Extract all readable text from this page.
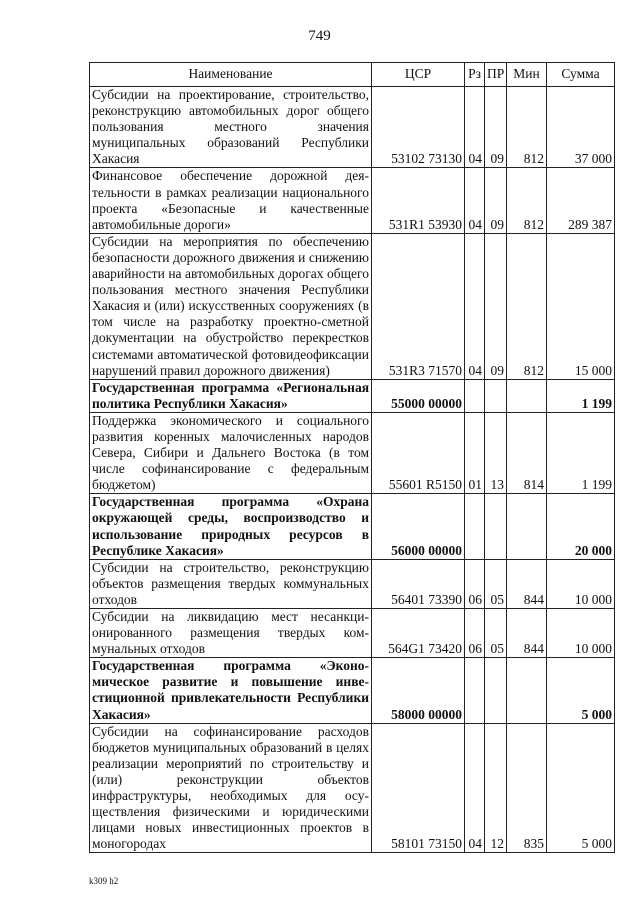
749
Наименование	ЦСР	Рз	ПР	Мин	Сумма
Субсидии на проектирование, строительство, реконструкцию автомобильных дорог общего пользования местного значения муниципальных образований Республики Хакасия	53102 73130	04	09	812	37 000
Финансовое обеспечение дорожной деятельности в рамках реализации национального проекта «Безопасные и качественные автомобильные дороги»	531R1 53930	04	09	812	289 387
Субсидии на мероприятия по обеспечению безопасности дорожного движения и снижению аварийности на автомобильных дорогах общего пользования местного значения Республики Хакасия и (или) искусственных сооружениях (в том числе на разработку проектно-сметной документации на обустройство перекрестков системами автоматической фотовидеофиксации нарушений правил дорожного движения)	531R3 71570	04	09	812	15 000
Государственная программа «Региональная политика Республики Хакасия»	55000 00000				1 199
Поддержка экономического и социального развития коренных малочисленных народов Севера, Сибири и Дальнего Востока (в том числе софинансирование с федеральным бюджетом)	55601 R5150	01	13	814	1 199
Государственная программа «Охрана окружающей среды, воспроизводство и использование природных ресурсов в Республике Хакасия»	56000 00000				20 000
Субсидии на строительство, реконструкцию объектов размещения твердых коммунальных отходов	56401 73390	06	05	844	10 000
Субсидии на ликвидацию мест несанкционированного размещения твердых коммунальных отходов	564G1 73420	06	05	844	10 000
Государственная программа «Экономическое развитие и повышение инвестиционной привлекательности Республики Хакасия»	58000 00000				5 000
Субсидии на софинансирование расходов бюджетов муниципальных образований в целях реализации мероприятий по строительству и (или) реконструкции объектов инфраструктуры, необходимых для осуществления физическими и юридическими лицами новых инвестиционных проектов в моногородах	58101 73150	04	12	835	5 000
k309 h2
